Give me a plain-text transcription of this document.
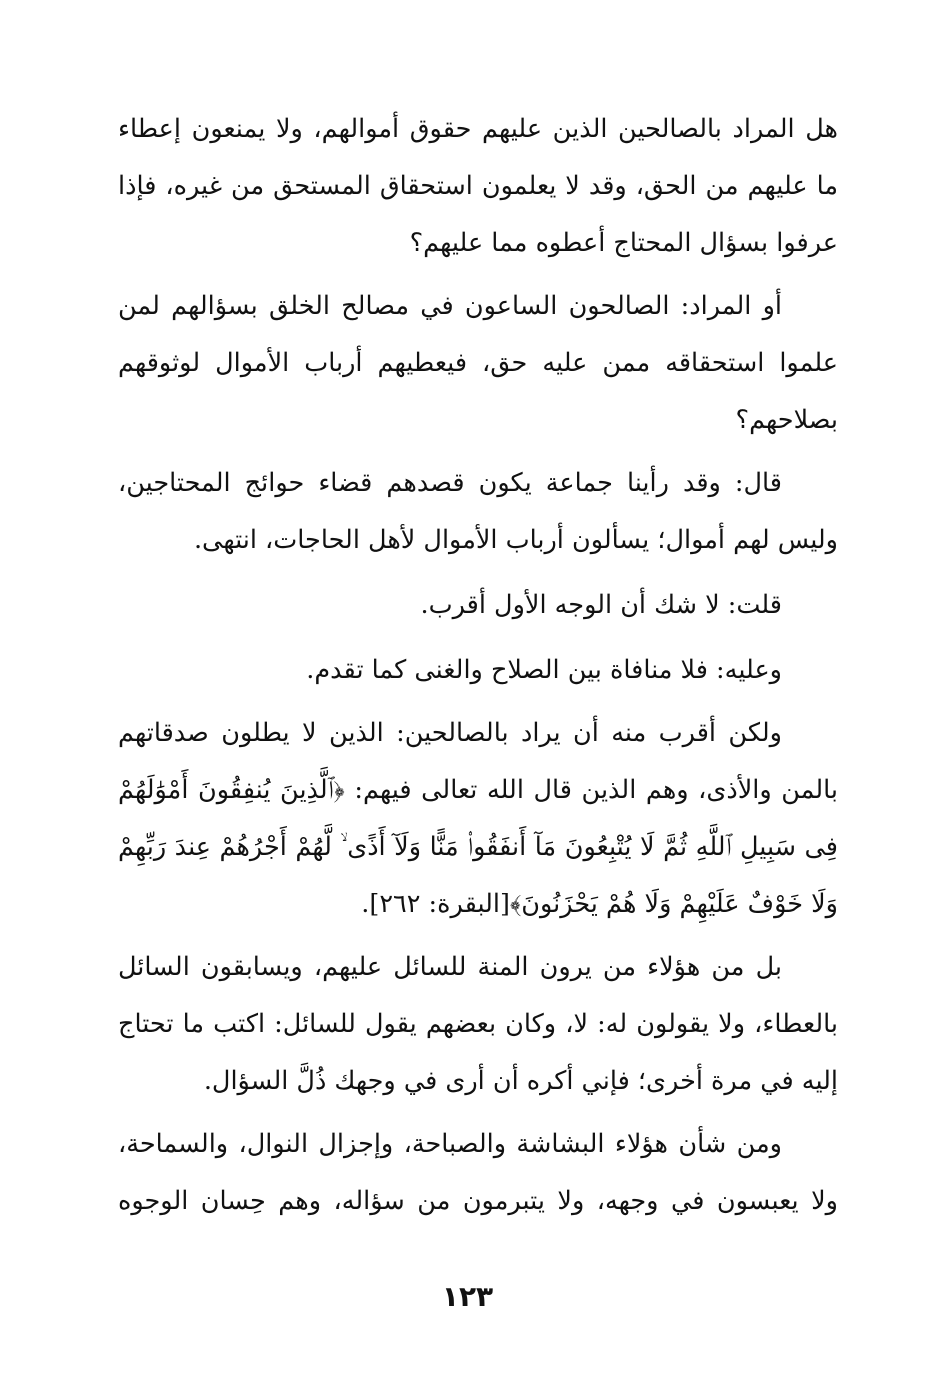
هل المراد بالصالحين الذين عليهم حقوق أموالهم، ولا يمنعون إعطاء ما عليهم من الحق، وقد لا يعلمون استحقاق المستحق من غيره، فإذا عرفوا بسؤال المحتاج أعطوه مما عليهم؟

أو المراد: الصالحون الساعون في مصالح الخلق بسؤالهم لمن علموا استحقاقه ممن عليه حق، فيعطيهم أرباب الأموال لوثوقهم بصلاحهم؟

قال: وقد رأينا جماعة يكون قصدهم قضاء حوائج المحتاجين، وليس لهم أموال؛ يسألون أرباب الأموال لأهل الحاجات، انتهى.

قلت: لا شك أن الوجه الأول أقرب.

وعليه: فلا منافاة بين الصلاح والغنى كما تقدم.

ولكن أقرب منه أن يراد بالصالحين: الذين لا يطلون صدقاتهم بالمن والأذى، وهم الذين قال الله تعالى فيهم: ﴿ٱلَّذِينَ يُنفِقُونَ أَمْوَٰلَهُمْ فِى سَبِيلِ ٱللَّهِ ثُمَّ لَا يُتْبِعُونَ مَآ أَنفَقُوا۟ مَنًّا وَلَآ أَذًى ۙ لَّهُمْ أَجْرُهُمْ عِندَ رَبِّهِمْ وَلَا خَوْفٌ عَلَيْهِمْ وَلَا هُمْ يَحْزَنُونَ﴾[البقرة: ٢٦٢].

بل من هؤلاء من يرون المنة للسائل عليهم، ويسابقون السائل بالعطاء، ولا يقولون له: لا، وكان بعضهم يقول للسائل: اكتب ما تحتاج إليه في مرة أخرى؛ فإني أكره أن أرى في وجهك ذُلَّ السؤال.

ومن شأن هؤلاء البشاشة والصباحة، وإجزال النوال، والسماحة، ولا يعبسون في وجهه، ولا يتبرمون من سؤاله، وهم حِسان الوجوه

١٢٣
